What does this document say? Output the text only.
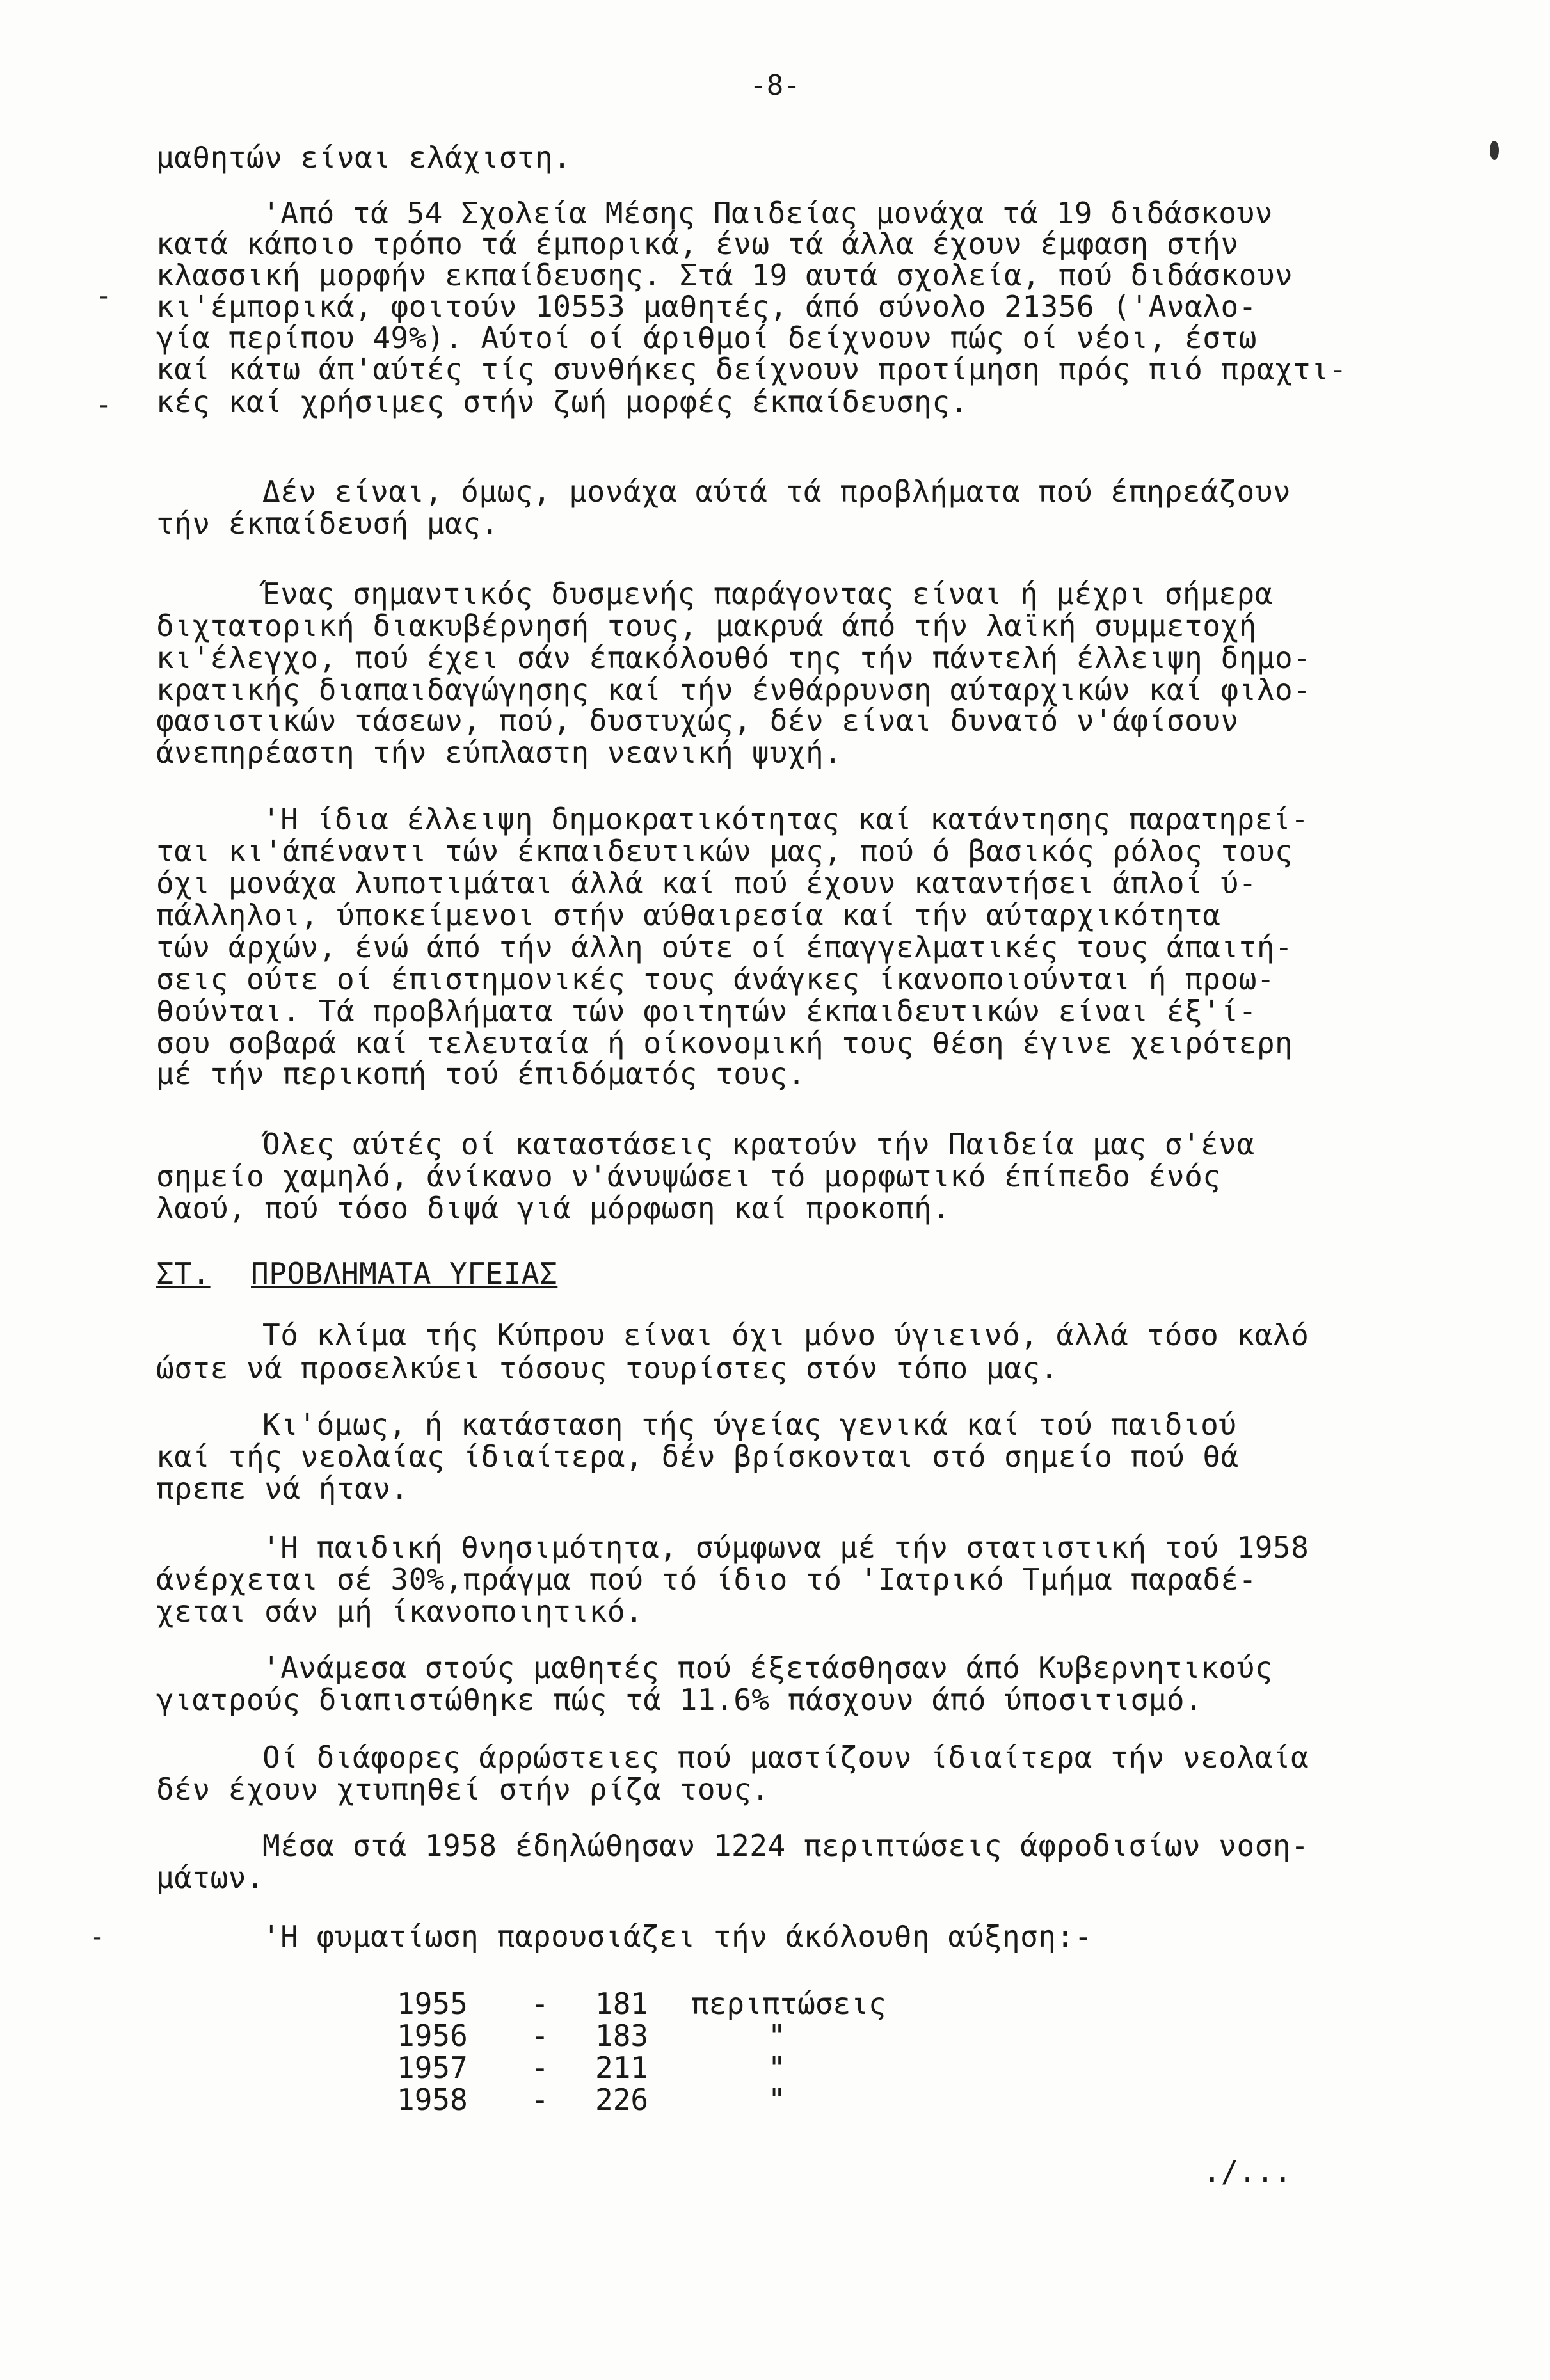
-8-
μαθητών είναι ελάχιστη.
'Από τά 54 Σχολεία Μέσης Παιδείας μονάχα τά 19 διδάσκουν
κατά κάποιο τρόπο τά έμπορικά, ένω τά άλλα έχουν έμφαση στήν
κλασσική μορφήν εκπαίδευσης. Στά 19 αυτά σχολεία, πού διδάσκουν
κι'έμπορικά, φοιτούν 10553 μαθητές, άπό σύνολο 21356 ('Αναλο-
γία περίπου 49%). Αύτοί οί άριθμοί δείχνουν πώς οί νέοι, έστω
καί κάτω άπ'αύτές τίς συνθήκες δείχνουν προτίμηση πρός πιό πραχτι-
κές καί χρήσιμες στήν ζωή μορφές έκπαίδευσης.
Δέν είναι, όμως, μονάχα αύτά τά προβλήματα πού έπηρεάζουν
τήν έκπαίδευσή μας.
Ένας σημαντικός δυσμενής παράγοντας είναι ή μέχρι σήμερα
διχτατορική διακυβέρνησή τους, μακρυά άπό τήν λαϊκή συμμετοχή
κι'έλεγχο, πού έχει σάν έπακόλουθό της τήν πάντελή έλλειψη δημο-
κρατικής διαπαιδαγώγησης καί τήν ένθάρρυνση αύταρχικών καί φιλο-
φασιστικών τάσεων, πού, δυστυχώς, δέν είναι δυνατό ν'άφίσουν
άνεπηρέαστη τήν εύπλαστη νεανική ψυχή.
'Η ίδια έλλειψη δημοκρατικότητας καί κατάντησης παρατηρεί-
ται κι'άπέναντι τών έκπαιδευτικών μας, πού ό βασικός ρόλος τους
όχι μονάχα λυποτιμάται άλλά καί πού έχουν καταντήσει άπλοί ύ-
πάλληλοι, ύποκείμενοι στήν αύθαιρεσία καί τήν αύταρχικότητα
τών άρχών, ένώ άπό τήν άλλη ούτε οί έπαγγελματικές τους άπαιτή-
σεις ούτε οί έπιστημονικές τους άνάγκες ίκανοποιούνται ή προω-
θούνται. Τά προβλήματα τών φοιτητών έκπαιδευτικών είναι έξ'ί-
σου σοβαρά καί τελευταία ή οίκονομική τους θέση έγινε χειρότερη
μέ τήν περικοπή τού έπιδόματός τους.
Όλες αύτές οί καταστάσεις κρατούν τήν Παιδεία μας σ'ένα
σημείο χαμηλό, άνίκανο ν'άνυψώσει τό μορφωτικό έπίπεδο ένός
λαού, πού τόσο διψά γιά μόρφωση καί προκοπή.
ΣΤ. ΠΡΟΒΛΗΜΑΤΑ ΥΓΕΙΑΣ
Τό κλίμα τής Κύπρου είναι όχι μόνο ύγιεινό, άλλά τόσο καλό
ώστε νά προσελκύει τόσους τουρίστες στόν τόπο μας.
Κι'όμως, ή κατάσταση τής ύγείας γενικά καί τού παιδιού
καί τής νεολαίας ίδιαίτερα, δέν βρίσκονται στό σημείο πού θά
πρεπε νά ήταν.
'Η παιδική θνησιμότητα, σύμφωνα μέ τήν στατιστική τού 1958
άνέρχεται σέ 30%,πράγμα πού τό ίδιο τό 'Ιατρικό Τμήμα παραδέ-
χεται σάν μή ίκανοποιητικό.
'Ανάμεσα στούς μαθητές πού έξετάσθησαν άπό Κυβερνητικούς
γιατρούς διαπιστώθηκε πώς τά 11.6% πάσχουν άπό ύποσιτισμό.
Οί διάφορες άρρώστειες πού μαστίζουν ίδιαίτερα τήν νεολαία
δέν έχουν χτυπηθεί στήν ρίζα τους.
Μέσα στά 1958 έδηλώθησαν 1224 περιπτώσεις άφροδισίων νοση-
μάτων.
'Η φυματίωση παρουσιάζει τήν άκόλουθη αύξηση:-
1955 - 181 περιπτώσεις
1956 - 183	"
1957 - 211	"
1958 - 226	"
./...
-
-
-
